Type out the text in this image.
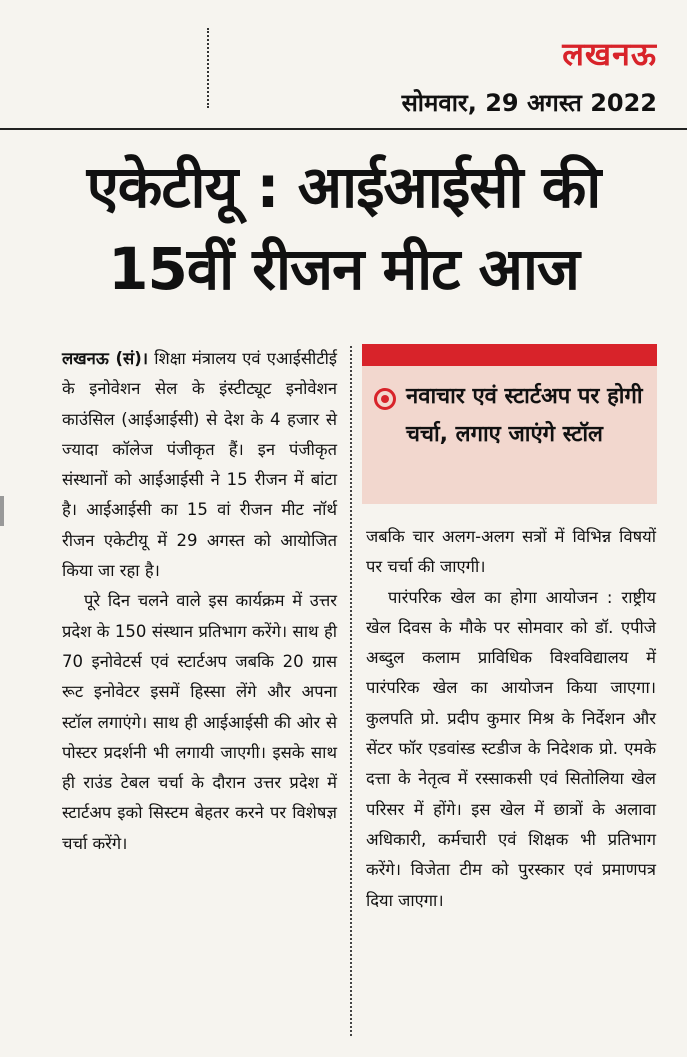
लखनऊ
सोमवार, 29 अगस्त 2022
एकेटीयू : आईआईसी की
15वीं रीजन मीट आज

लखनऊ (सं)। शिक्षा मंत्रालय एवं एआईसीटीई के इनोवेशन सेल के इंस्टीट्यूट इनोवेशन काउंसिल (आईआईसी) से देश के 4 हजार से ज्यादा कॉलेज पंजीकृत हैं। इन पंजीकृत संस्थानों को आईआईसी ने 15 रीजन में बांटा है। आईआईसी का 15 वां रीजन मीट नॉर्थ रीजन एकेटीयू में 29 अगस्त को आयोजित किया जा रहा है।

पूरे दिन चलने वाले इस कार्यक्रम में उत्तर प्रदेश के 150 संस्थान प्रतिभाग करेंगे। साथ ही 70 इनोवेटर्स एवं स्टार्टअप जबकि 20 ग्रास रूट इनोवेटर इसमें हिस्सा लेंगे और अपना स्टॉल लगाएंगे। साथ ही आईआईसी की ओर से पोस्टर प्रदर्शनी भी लगायी जाएगी। इसके साथ ही राउंड टेबल चर्चा के दौरान उत्तर प्रदेश में स्टार्टअप इको सिस्टम बेहतर करने पर विशेषज्ञ चर्चा करेंगे।

नवाचार एवं स्टार्टअप पर होगी चर्चा, लगाए जाएंगे स्टॉल

जबकि चार अलग-अलग सत्रों में विभिन्न विषयों पर चर्चा की जाएगी।

पारंपरिक खेल का होगा आयोजन : राष्ट्रीय खेल दिवस के मौके पर सोमवार को डॉ. एपीजे अब्दुल कलाम प्राविधिक विश्वविद्यालय में पारंपरिक खेल का आयोजन किया जाएगा। कुलपति प्रो. प्रदीप कुमार मिश्र के निर्देशन और सेंटर फॉर एडवांस्ड स्टडीज के निदेशक प्रो. एमके दत्ता के नेतृत्व में रस्साकसी एवं सितोलिया खेल परिसर में होंगे। इस खेल में छात्रों के अलावा अधिकारी, कर्मचारी एवं शिक्षक भी प्रतिभाग करेंगे। विजेता टीम को पुरस्कार एवं प्रमाणपत्र दिया जाएगा।
